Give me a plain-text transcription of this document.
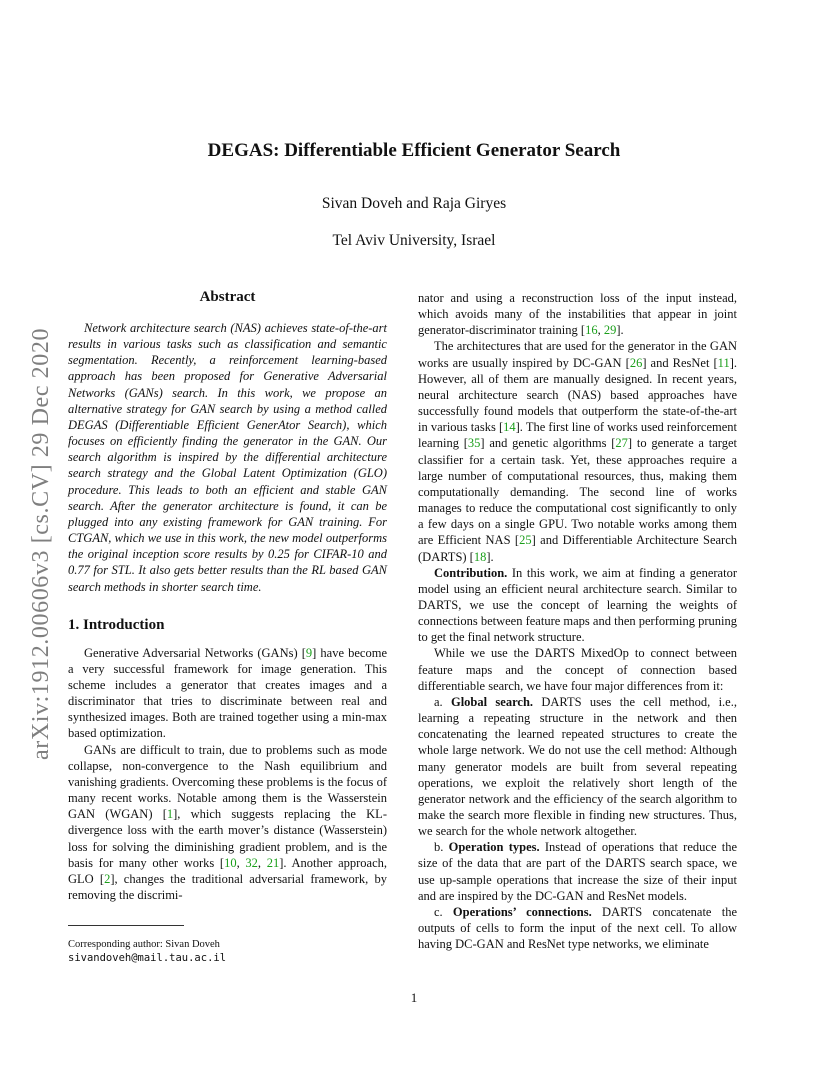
arXiv:1912.00606v3 [cs.CV] 29 Dec 2020
DEGAS: Differentiable Efficient Generator Search
Sivan Doveh and Raja Giryes
Tel Aviv University, Israel
Abstract

Network architecture search (NAS) achieves state-of-the-art results in various tasks such as classification and semantic segmentation. Recently, a reinforcement learning-based approach has been proposed for Generative Adversarial Networks (GANs) search. In this work, we propose an alternative strategy for GAN search by using a method called DEGAS (Differentiable Efficient GenerAtor Search), which focuses on efficiently finding the generator in the GAN. Our search algorithm is inspired by the differential architecture search strategy and the Global Latent Optimization (GLO) procedure. This leads to both an efficient and stable GAN search. After the generator architecture is found, it can be plugged into any existing framework for GAN training. For CTGAN, which we use in this work, the new model outperforms the original inception score results by 0.25 for CIFAR-10 and 0.77 for STL. It also gets better results than the RL based GAN search methods in shorter search time.

1. Introduction

Generative Adversarial Networks (GANs) [9] have become a very successful framework for image generation. This scheme includes a generator that creates images and a discriminator that tries to discriminate between real and synthesized images. Both are trained together using a min-max based optimization.

GANs are difficult to train, due to problems such as mode collapse, non-convergence to the Nash equilibrium and vanishing gradients. Overcoming these problems is the focus of many recent works. Notable among them is the Wasserstein GAN (WGAN) [1], which suggests replacing the KL-divergence loss with the earth mover’s distance (Wasserstein) loss for solving the diminishing gradient problem, and is the basis for many other works [10, 32, 21]. Another approach, GLO [2], changes the traditional adversarial framework, by removing the discrimi-

nator and using a reconstruction loss of the input instead, which avoids many of the instabilities that appear in joint generator-discriminator training [16, 29].

The architectures that are used for the generator in the GAN works are usually inspired by DC-GAN [26] and ResNet [11]. However, all of them are manually designed. In recent years, neural architecture search (NAS) based approaches have successfully found models that outperform the state-of-the-art in various tasks [14]. The first line of works used reinforcement learning [35] and genetic algorithms [27] to generate a target classifier for a certain task. Yet, these approaches require a large number of computational resources, thus, making them computationally demanding. The second line of works manages to reduce the computational cost significantly to only a few days on a single GPU. Two notable works among them are Efficient NAS [25] and Differentiable Architecture Search (DARTS) [18].

Contribution. In this work, we aim at finding a generator model using an efficient neural architecture search. Similar to DARTS, we use the concept of learning the weights of connections between feature maps and then performing pruning to get the final network structure.

While we use the DARTS MixedOp to connect between feature maps and the concept of connection based differentiable search, we have four major differences from it:

a. Global search. DARTS uses the cell method, i.e., learning a repeating structure in the network and then concatenating the learned repeated structures to create the whole large network. We do not use the cell method: Although many generator models are built from several repeating operations, we exploit the relatively short length of the generator network and the efficiency of the search algorithm to make the search more flexible in finding new structures. Thus, we search for the whole network altogether.

b. Operation types. Instead of operations that reduce the size of the data that are part of the DARTS search space, we use up-sample operations that increase the size of their input and are inspired by the DC-GAN and ResNet models.

c. Operations’ connections. DARTS concatenate the outputs of cells to form the input of the next cell. To allow having DC-GAN and ResNet type networks, we eliminate

Corresponding author: Sivan Doveh
sivandoveh@mail.tau.ac.il
1
